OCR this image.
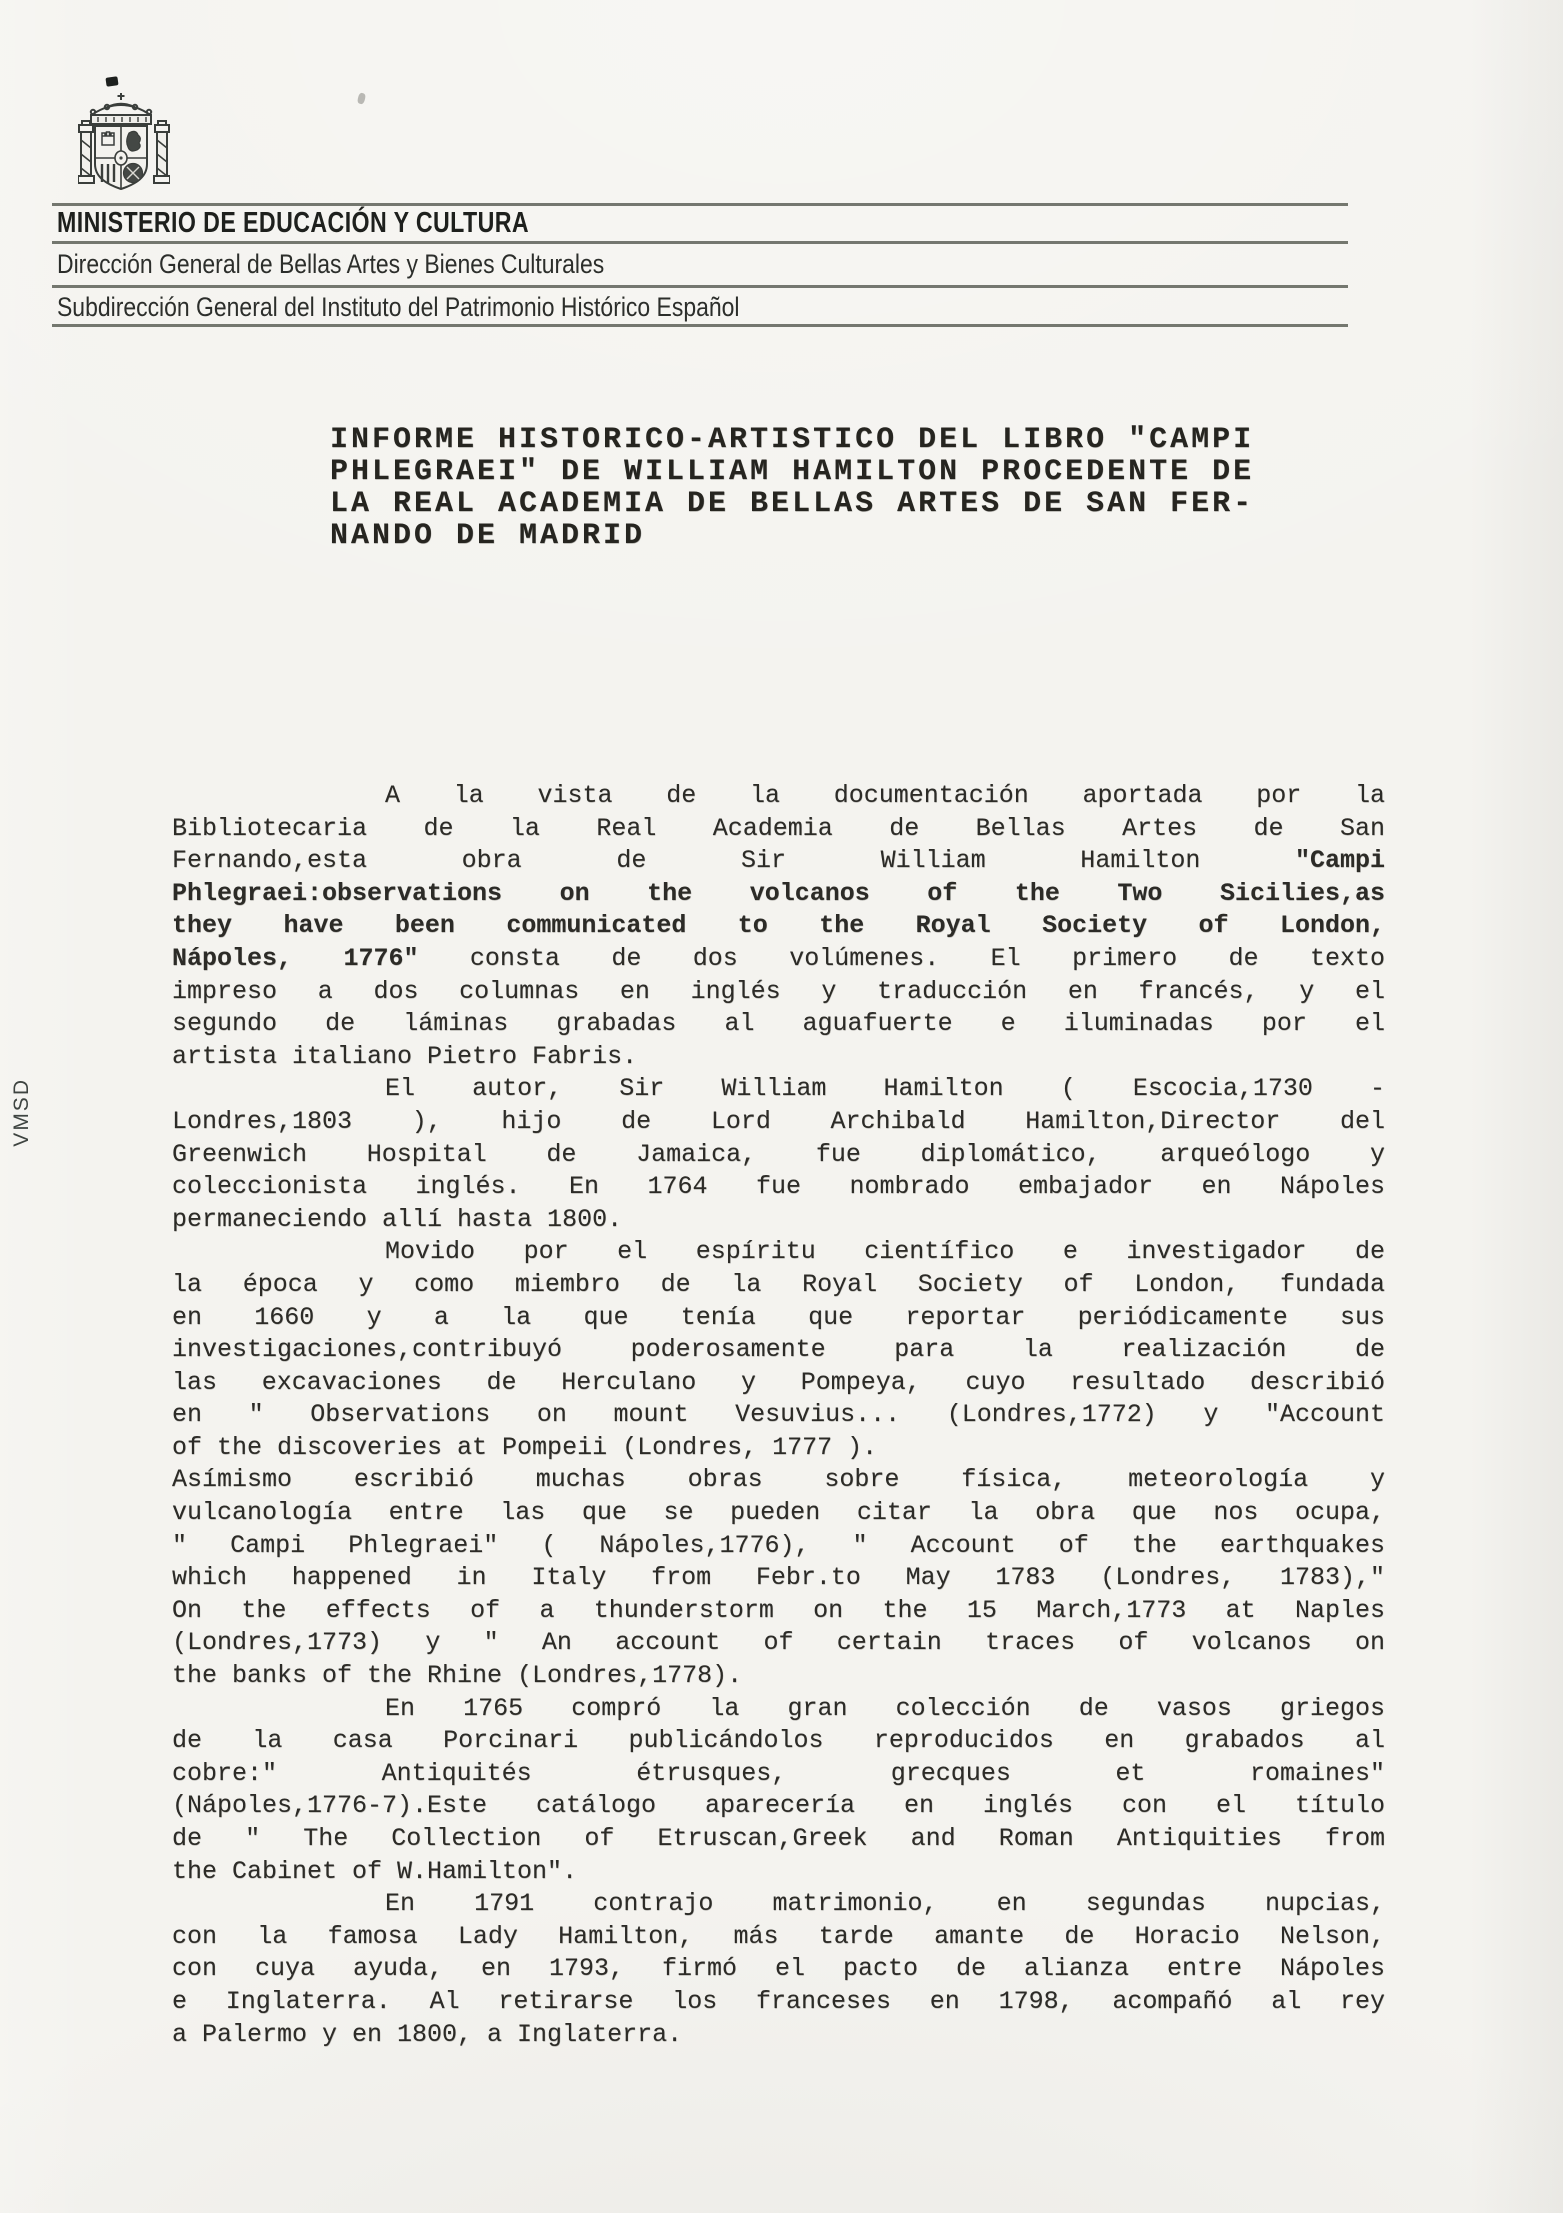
MINISTERIO DE EDUCACIÓN Y CULTURA
Dirección General de Bellas Artes y Bienes Culturales
Subdirección General del Instituto del Patrimonio Histórico Español
INFORME HISTORICO-ARTISTICO DEL LIBRO "CAMPI
PHLEGRAEI" DE WILLIAM HAMILTON PROCEDENTE DE
LA REAL ACADEMIA DE BELLAS ARTES DE SAN FER-
NANDO DE MADRID
A la vista de la documentación aportada por la
Bibliotecaria de la Real Academia de Bellas Artes de San
Fernando,esta obra de Sir William Hamilton "Campi
Phlegraei:observations on the volcanos of the Two Sicilies,as
they have been communicated to the Royal Society of London,
Nápoles, 1776" consta de dos volúmenes. El primero de texto
impreso a dos columnas en inglés y traducción en francés, y el
segundo de láminas grabadas al aguafuerte e iluminadas por el
artista italiano Pietro Fabris.
El autor, Sir William Hamilton ( Escocia,1730 -
Londres,1803 ), hijo de Lord Archibald Hamilton,Director del
Greenwich Hospital de Jamaica, fue diplomático, arqueólogo y
coleccionista inglés. En 1764 fue nombrado embajador en Nápoles
permaneciendo allí hasta 1800.
Movido por el espíritu científico e investigador de
la época y como miembro de la Royal Society of London, fundada
en 1660 y a la que tenía que reportar periódicamente sus
investigaciones,contribuyó poderosamente para la realización de
las excavaciones de Herculano y Pompeya, cuyo resultado describió
en " Observations on mount Vesuvius... (Londres,1772) y "Account
of the discoveries at Pompeii (Londres, 1777 ).
Asímismo escribió muchas obras sobre física, meteorología y
vulcanología entre las que se pueden citar la obra que nos ocupa,
" Campi Phlegraei" ( Nápoles,1776), " Account of the earthquakes
which happened in Italy from Febr.to May 1783 (Londres, 1783),"
On the effects of a thunderstorm on the 15 March,1773 at Naples
(Londres,1773) y " An account of certain traces of volcanos on
the banks of the Rhine (Londres,1778).
En 1765 compró la gran colección de vasos griegos
de la casa Porcinari publicándolos reproducidos en grabados al
cobre:" Antiquités étrusques, grecques et romaines"
(Nápoles,1776-7).Este catálogo aparecería en inglés con el título
de " The Collection of Etruscan,Greek and Roman Antiquities from
the Cabinet of W.Hamilton".
En 1791 contrajo matrimonio, en segundas nupcias,
con la famosa Lady Hamilton, más tarde amante de Horacio Nelson,
con cuya ayuda, en 1793, firmó el pacto de alianza entre Nápoles
e Inglaterra. Al retirarse los franceses en 1798, acompañó al rey
a Palermo y en 1800, a Inglaterra.
VMSD
